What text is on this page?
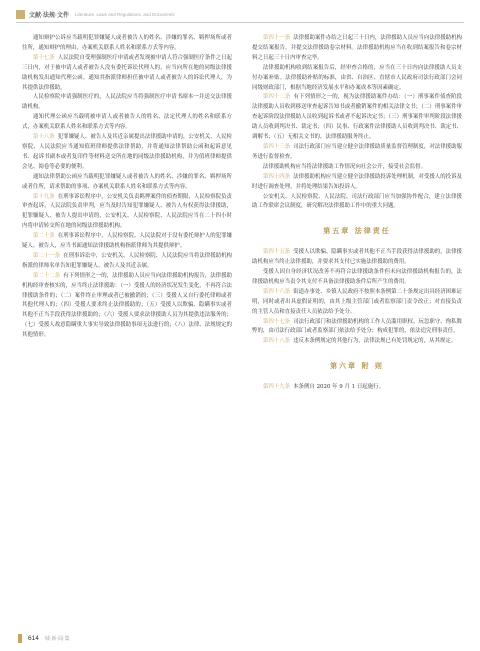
文献·法规·文件 Literature, Laws and Regulations, and Documents

通知辩护公诉应当载明犯罪嫌疑人或者被告人的姓名、涉嫌的罪名、羁押场所或者住所，通知辩护的理由，办案机关联系人姓名和联系方式等内容。

第十七条 人民法院自受理强制医疗申请或者发现被申请人符合强制医疗条件之日起三日内，对于被申请人或者被告人没有委托诉讼代理人的，应当向所在地的同级法律援助机构发出通知代理公函。通知其指派律师担任被申请人或者被告人的诉讼代理人，为其提供法律援助。

人民检察院申请强制医疗的，人民法院应当将强制医疗申请书副本一并送交法律援助机构。

通知代理公函应当载明被申请人或者被告人的姓名、法定代理人的姓名和联系方式，办案机关联系人姓名和联系方式等内容。

第十八条 犯罪嫌疑人、被告人及其近亲属提出法律援助申请的，公安机关、人民检察院、人民法院应当通知值班律师提供法律帮助，并将通知法律帮助公函和起诉意见书、起诉书副本或者复印件等材料送交所在地的同级法律援助机构，并为值班律师提供会见、阅卷等必要的便利。

通知法律帮助公函应当载明犯罪嫌疑人或者被告人的姓名、涉嫌的罪名、羁押场所或者住所，请求帮助的事项、办案机关联系人姓名和联系方式等内容。

第十九条 在刑事诉讼程序中，公安机关负责羁押案件的侦查期限，人民检察院负责审查起诉，人民法院负责审判，应当及时告知犯罪嫌疑人、被告人有权获得法律援助，犯罪嫌疑人、被告人提出申请的，公安机关、人民检察院、人民法院应当在二十四小时内将申请转交所在地的同级法律援助机构。

第二十条 在刑事诉讼程序中，人民检察院、人民法院对于没有委托辩护人的犯罪嫌疑人、被告人，应当书面通知法律援助机构指派律师为其提供辩护。

第二十一条 在刑事诉讼中，公安机关、人民检察院、人民法院应当将法律援助机构指派的律师名单告知犯罪嫌疑人、被告人及其近亲属。

第二十二条 有下列情形之一的，法律援助人员应当向法律援助机构报告，法律援助机构经审查核实的，应当终止法律援助：（一）受援人的经济状况发生变化，不再符合法律援助条件的；（二）案件终止审理或者已被撤销的；（三）受援人又自行委托律师或者其他代理人的；（四）受援人要求终止法律援助的；（五）受援人以欺骗、隐瞒事实或者其他不正当手段获得法律援助的；（六）受援人要求法律援助人员为其提供违法服务的；（七）受援人故意隐瞒重大事实导致法律援助事项无法进行的；（八）法律、法规规定的其他情形。

第四十一条 法律援助案件办结之日起三十日内，法律援助人员应当向法律援助机构提交结案报告，并提交法律援助卷宗材料。法律援助机构应当在收到结案报告和卷宗材料之日起三十日内审查完毕。

法律援助机构收到结案报告后，经审查合格的，应当在三十日内向法律援助人员支付办案补贴。法律援助补贴的标准，由省、自治区、直辖市人民政府司法行政部门会同同级财政部门，根据当地经济发展水平和办案成本等因素确定。

第四十二条 有下列情形之一的，视为法律援助案件办结：（一）刑事案件侦查阶段法律援助人员收到移送审查起诉告知书或者撤销案件的相关法律文书；（二）刑事案件审查起诉阶段法律援助人员收到起诉书或者不起诉决定书；（三）刑事案件审判阶段法律援助人员收到判决书、裁定书；（四）民事、行政案件法律援助人员收到判决书、裁定书、调解书；（五）无相关文书的，法律援助服务终止。

第四十三条 司法行政部门应当建立健全法律援助质量监督管理制度，对法律援助服务进行监督检查。

法律援助机构应当将法律援助工作情况向社会公开，接受社会监督。

第四十四条 法律援助机构应当建立健全法律援助投诉处理机制，对受援人的投诉及时进行调查处理，并将处理结果告知投诉人。

公安机关、人民检察院、人民法院、司法行政部门应当加强协作配合，建立法律援助工作联席会议制度，研究解决法律援助工作中的重大问题。

第五章 法律责任

第四十五条 受援人以欺骗、隐瞒事实或者其他不正当手段获得法律援助的，法律援助机构应当终止法律援助，并要求其支付已实施法律援助的费用。

受援人因自身经济状况改善不再符合法律援助条件但未向法律援助机构报告的，法律援助机构应当责令其支付不具备法律援助条件后所产生的费用。

第四十六条 街道办事处、乡镇人民政府不按照本条例第二十条规定出具经济困难证明，同时或者出具虚假证明的，由其上级主管部门或者监察部门责令改正；对直接负责的主管人员和直接责任人员依法给予处分。

第四十七条 司法行政部门和法律援助机构的工作人员滥用职权、玩忽职守、徇私舞弊的，由司法行政部门或者监察部门依法给予处分；构成犯罪的，依法追究刑事责任。

第四十八条 违反本条例规定的其他行为，法律法规已有处罚规定的，从其规定。

第六章 附 则

第四十九条 本条例自 2020 年 9 月 1 日起施行。

614 城·新·闻·集
